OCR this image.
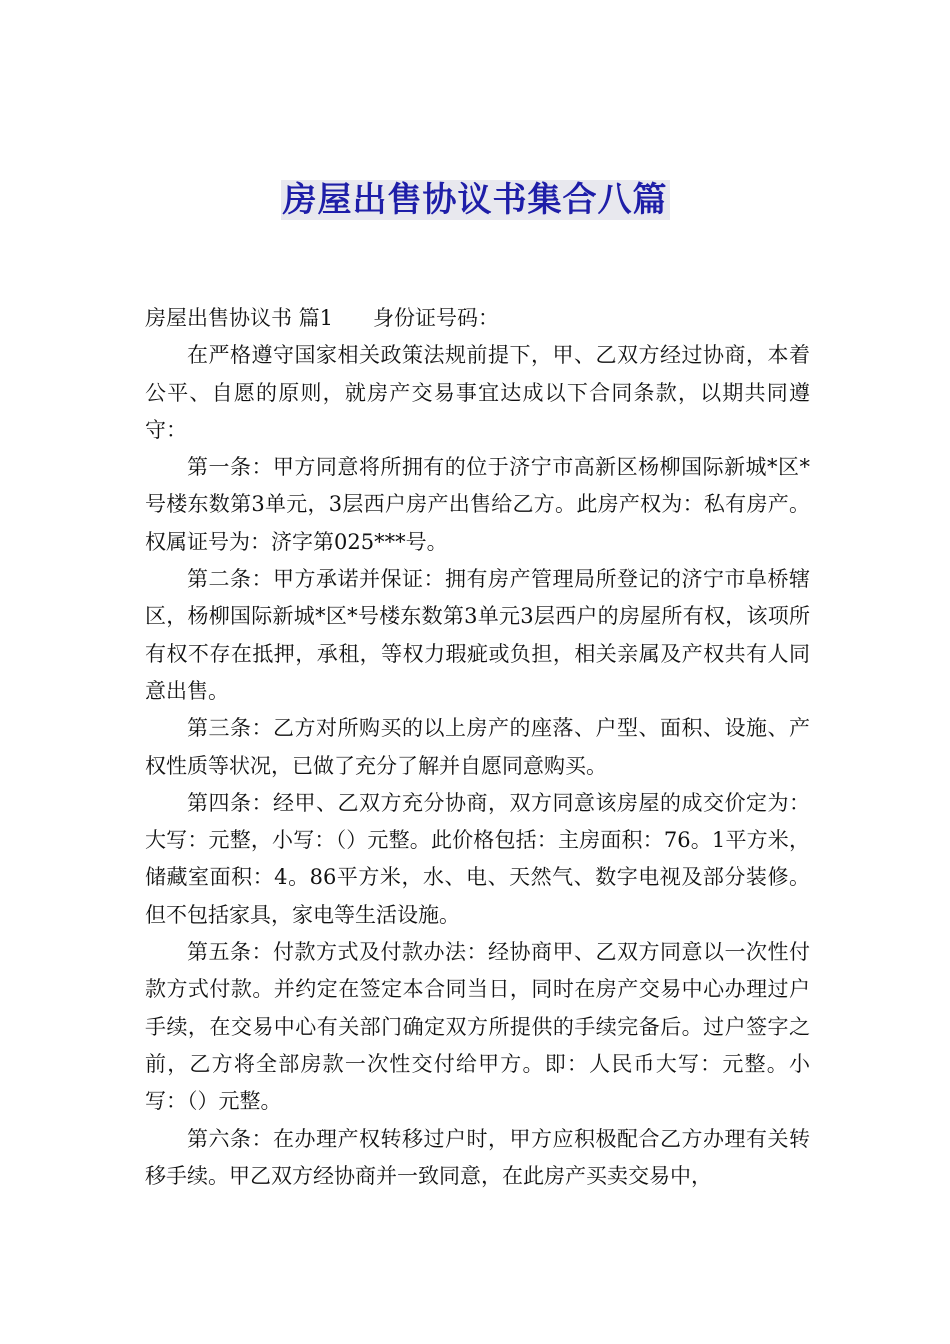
房屋出售协议书集合八篇

房屋出售协议书 篇1 身份证号码：

在严格遵守国家相关政策法规前提下，甲、乙双方经过协商，本着公平、自愿的原则，就房产交易事宜达成以下合同条款，以期共同遵守：

第一条：甲方同意将所拥有的位于济宁市高新区杨柳国际新城*区*号楼东数第3单元，3层西户房产出售给乙方。此房产权为：私有房产。权属证号为：济字第025***号。

第二条：甲方承诺并保证：拥有房产管理局所登记的济宁市阜桥辖区，杨柳国际新城*区*号楼东数第3单元3层西户的房屋所有权，该项所有权不存在抵押，承租，等权力瑕疵或负担，相关亲属及产权共有人同意出售。

第三条：乙方对所购买的以上房产的座落、户型、面积、设施、产权性质等状况，已做了充分了解并自愿同意购买。

第四条：经甲、乙双方充分协商，双方同意该房屋的成交价定为：大写：元整，小写：（）元整。此价格包括：主房面积：76。1平方米，储藏室面积：4。86平方米，水、电、天然气、数字电视及部分装修。但不包括家具，家电等生活设施。

第五条：付款方式及付款办法：经协商甲、乙双方同意以一次性付款方式付款。并约定在签定本合同当日，同时在房产交易中心办理过户手续，在交易中心有关部门确定双方所提供的手续完备后。过户签字之前，乙方将全部房款一次性交付给甲方。即：人民币大写：元整。小写：（）元整。

第六条：在办理产权转移过户时，甲方应积极配合乙方办理有关转移手续。甲乙双方经协商并一致同意，在此房产买卖交易中，
